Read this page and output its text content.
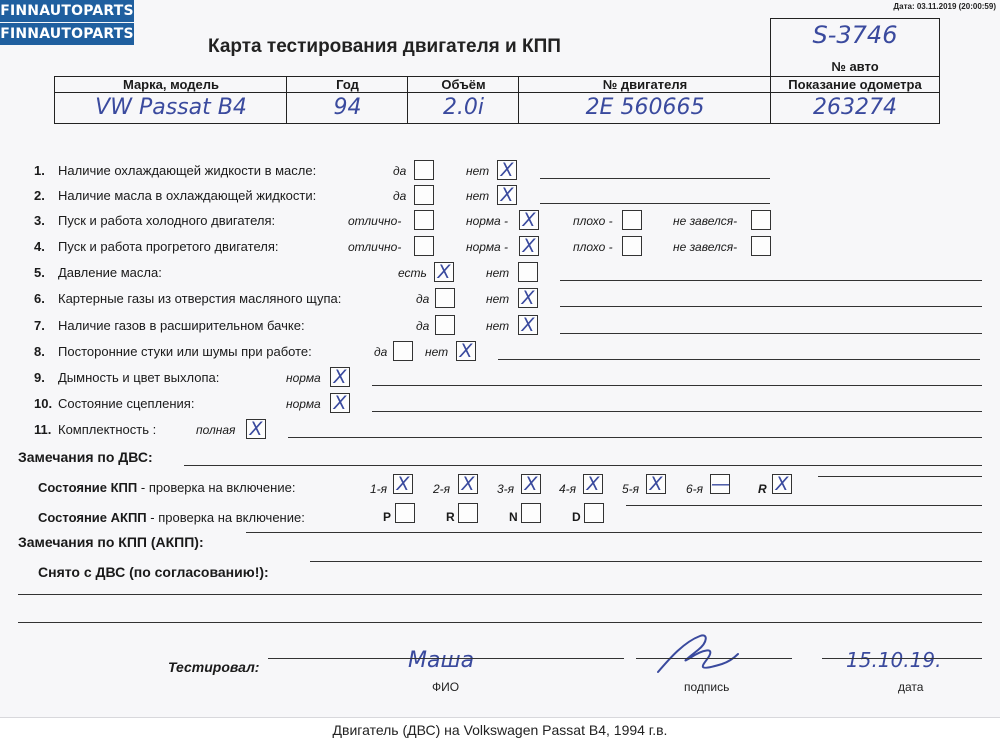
FINNAUTOPARTS
FINNAUTOPARTS
Дата: 03.11.2019 (20:00:59)
Карта тестирования двигателя и КПП	S-3746
№ авто
Марка, модель	Год	Объём	№ двигателя	Показание одометра
VW Passat B4	94	2.0i	2E 560665	263274
1. Наличие охлаждающей жидкости в масле:	да	нет X
2. Наличие масла в охлаждающей жидкости:	да	нет X
3. Пуск и работа холодного двигателя:	отлично-	норма - X	плохо -	не завелся-
4. Пуск и работа прогретого двигателя:	отлично-	норма - X	плохо -	не завелся-
5. Давление масла:	есть X	нет
6. Картерные газы из отверстия масляного щупа:	да	нет X
7. Наличие газов в расширительном бачке:	да	нет X
8. Посторонние стуки или шумы при работе:	да	нет X
9. Дымность и цвет выхлопа:	норма X
10. Состояние сцепления:	норма X
11. Комплектность :	полная X
Замечания по ДВС:
Состояние КПП - проверка на включение:	1-я X 2-я X 3-я X 4-я X 5-я X 6-я — R X
Состояние АКПП - проверка на включение:	P	R	N	D
Замечания по КПП (АКПП):
Снято с ДВС (по согласованию!):
Тестировал:	Маша
ФИО	подпись
15.10.19.
дата
Двигатель (ДВС) на Volkswagen Passat B4, 1994 г.в.
